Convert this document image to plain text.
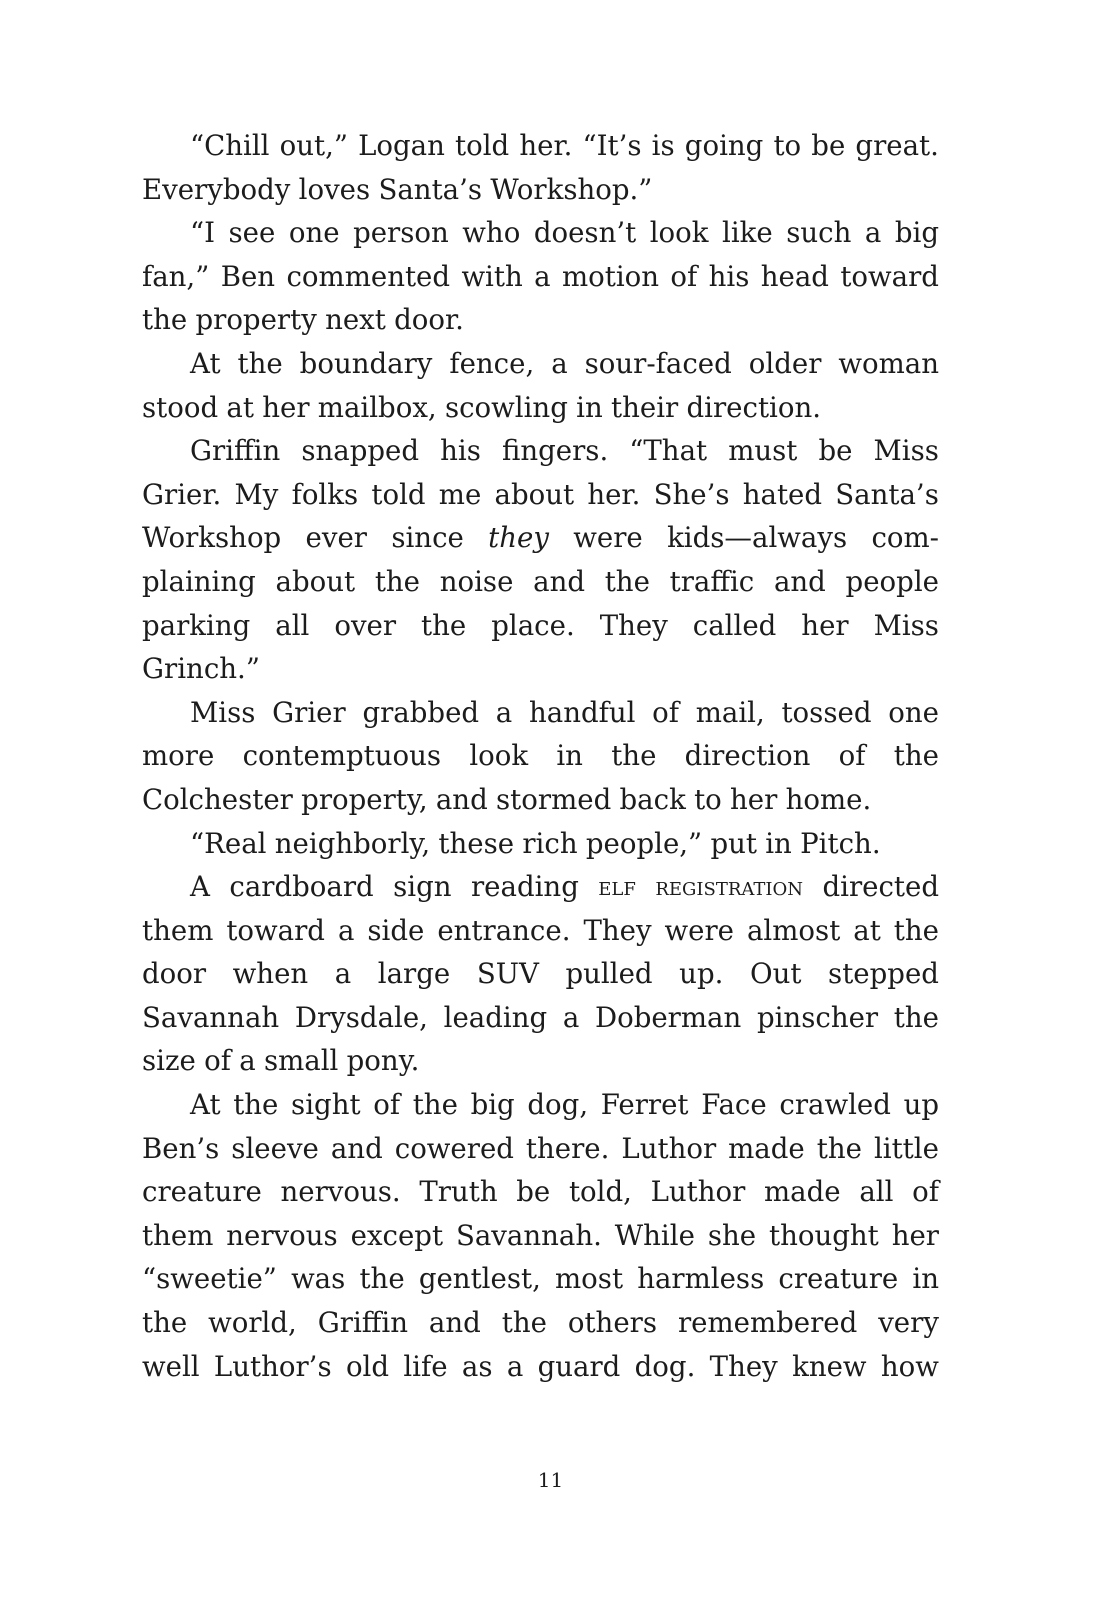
“Chill out,” Logan told her. “It’s is going to be great.
Everybody loves Santa’s Workshop.”
“I see one person who doesn’t look like such a big
fan,” Ben commented with a motion of his head toward
the property next door.
At the boundary fence, a sour-faced older woman
stood at her mailbox, scowling in their direction.
Griffin snapped his fingers. “That must be Miss
Grier. My folks told me about her. She’s hated Santa’s
Workshop ever since they were kids—always com-
plaining about the noise and the traffic and people
parking all over the place. They called her Miss
Grinch.”
Miss Grier grabbed a handful of mail, tossed one
more contemptuous look in the direction of the
Colchester property, and stormed back to her home.
“Real neighborly, these rich people,” put in Pitch.
A cardboard sign reading elf registration directed
them toward a side entrance. They were almost at the
door when a large SUV pulled up. Out stepped
Savannah Drysdale, leading a Doberman pinscher the
size of a small pony.
At the sight of the big dog, Ferret Face crawled up
Ben’s sleeve and cowered there. Luthor made the little
creature nervous. Truth be told, Luthor made all of
them nervous except Savannah. While she thought her
“sweetie” was the gentlest, most harmless creature in
the world, Griffin and the others remembered very
well Luthor’s old life as a guard dog. They knew how
11
